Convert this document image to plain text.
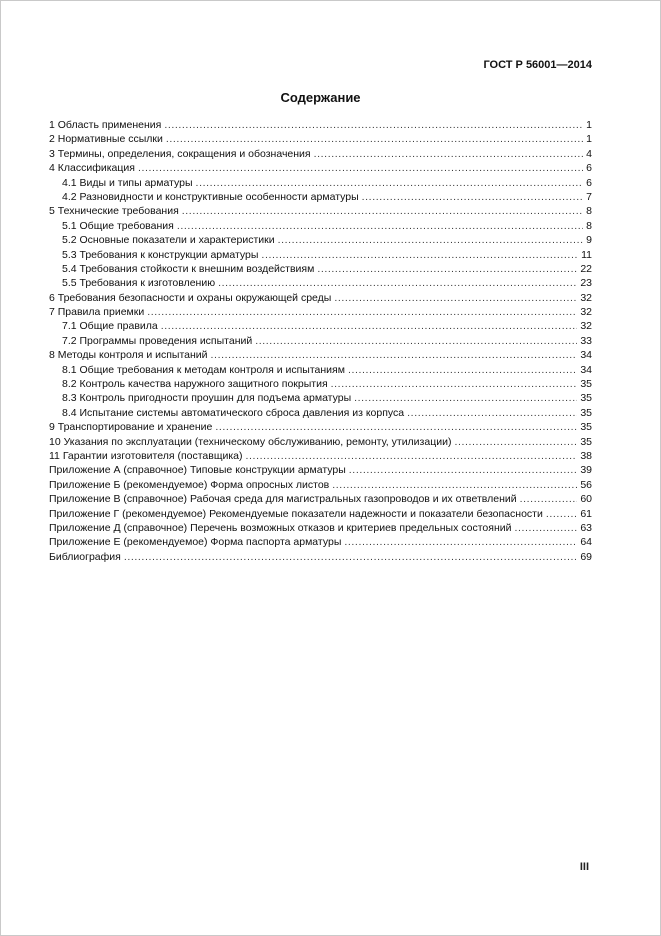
ГОСТ Р 56001—2014
Содержание
1 Область применения .....	1
2 Нормативные ссылки .....	1
3 Термины, определения, сокращения и обозначения .....	4
4 Классификация .....	6
4.1 Виды и типы арматуры .....	6
4.2 Разновидности и конструктивные особенности арматуры .....	7
5 Технические требования .....	8
5.1 Общие требования .....	8
5.2 Основные показатели и характеристики .....	9
5.3 Требования к конструкции арматуры .....	11
5.4 Требования стойкости к внешним воздействиям .....	22
5.5 Требования к изготовлению .....	23
6 Требования безопасности и охраны окружающей среды .....	32
7 Правила приемки .....	32
7.1 Общие правила .....	32
7.2 Программы проведения испытаний .....	33
8 Методы контроля и испытаний .....	34
8.1 Общие требования к методам контроля и испытаниям .....	34
8.2 Контроль качества наружного защитного покрытия .....	35
8.3 Контроль пригодности проушин для подъема арматуры .....	35
8.4 Испытание системы автоматического сброса давления из корпуса .....	35
9 Транспортирование и хранение .....	35
10 Указания по эксплуатации (техническому обслуживанию, ремонту, утилизации) .....	35
11 Гарантии изготовителя (поставщика) .....	38
Приложение А (справочное) Типовые конструкции арматуры .....	39
Приложение Б (рекомендуемое) Форма опросных листов .....	56
Приложение В (справочное) Рабочая среда для магистральных газопроводов и их ответвлений .....	60
Приложение Г (рекомендуемое) Рекомендуемые показатели надежности и показатели безопасности .....	61
Приложение Д (справочное) Перечень возможных отказов и критериев предельных состояний .....	63
Приложение Е (рекомендуемое) Форма паспорта арматуры .....	64
Библиография .....	69
III
